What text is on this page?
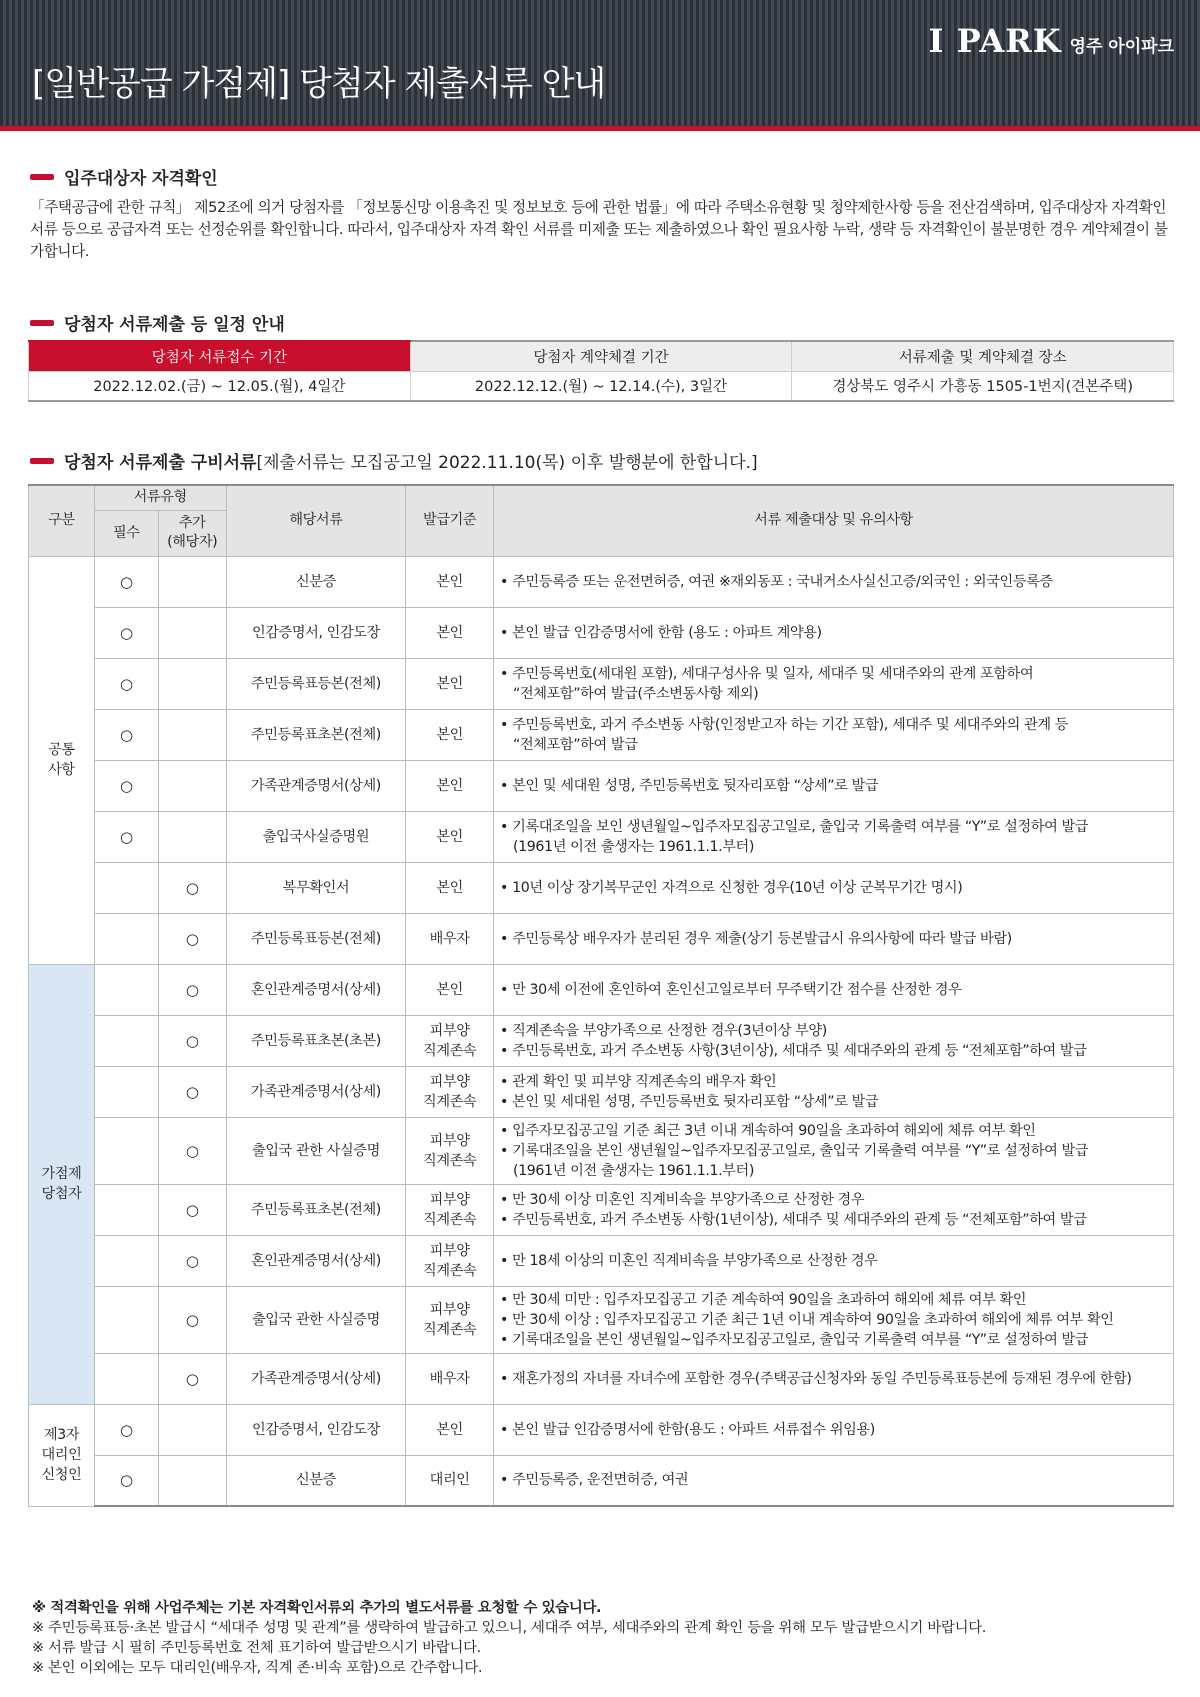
[일반공급 가점제] 당첨자 제출서류 안내
I PARK 영주 아이파크
입주대상자 자격확인
「주택공급에 관한 규칙」 제52조에 의거 당첨자를 「정보통신망 이용촉진 및 정보보호 등에 관한 법률」에 따라 주택소유현황 및 청약제한사항 등을 전산검색하며, 입주대상자 자격확인서류 등으로 공급자격 또는 선정순위를 확인합니다. 따라서, 입주대상자 자격 확인 서류를 미제출 또는 제출하였으나 확인 필요사항 누락, 생략 등 자격확인이 불분명한 경우 계약체결이 불가합니다.
당첨자 서류제출 등 일정 안내
당첨자 서류접수 기간	당첨자 계약체결 기간	서류제출 및 계약체결 장소
2022.12.02.(금) ~ 12.05.(월), 4일간	2022.12.12.(월) ~ 12.14.(수), 3일간	경상북도 영주시 가흥동 1505-1번지(견본주택)
당첨자 서류제출 구비서류 [제출서류는 모집공고일 2022.11.10(목) 이후 발행분에 한합니다.]
구분	서류유형		해당서류	발급기준	서류 제출대상 및 유의사항
	필수	추가
(해당자)			
공통
사항	○		신분증	본인	• 주민등록증 또는 운전면허증, 여권 ※재외동포 : 국내거소사실신고증/외국인 : 외국인등록증

	○		인감증명서, 인감도장	본인	• 본인 발급 인감증명서에 한함 (용도 : 아파트 계약용)

	○		주민등록표등본(전체)	본인	• 주민등록번호(세대원 포함), 세대구성사유 및 일자, 세대주 및 세대주와의 관계 포함하여
“전체포함”하여 발급(주소변동사항 제외)

	○		주민등록표초본(전체)	본인	• 주민등록번호, 과거 주소변동 사항(인정받고자 하는 기간 포함), 세대주 및 세대주와의 관계 등
“전체포함”하여 발급

	○		가족관계증명서(상세)	본인	• 본인 및 세대원 성명, 주민등록번호 뒷자리포함 “상세”로 발급

	○		출입국사실증명원	본인	• 기록대조일을 보인 생년월일~입주자모집공고일로, 출입국 기록출력 여부를 “Y”로 설정하여 발급
(1961년 이전 출생자는 1961.1.1.부터)

		○	복무확인서	본인	• 10년 이상 장기복무군인 자격으로 신청한 경우(10년 이상 군복무기간 명시)

		○	주민등록표등본(전체)	배우자	• 주민등록상 배우자가 분리된 경우 제출(상기 등본발급시 유의사항에 따라 발급 바람)

가점제
당첨자		○	혼인관계증명서(상세)	본인	• 만 30세 이전에 혼인하여 혼인신고일로부터 무주택기간 점수를 산정한 경우

		○	주민등록표초본(초본)	피부양
직계존속	• 직계존속을 부양가족으로 산정한 경우(3년이상 부양)
• 주민등록번호, 과거 주소변동 사항(3년이상), 세대주 및 세대주와의 관계 등 “전체포함”하여 발급

		○	가족관계증명서(상세)	피부양
직계존속	• 관계 확인 및 피부양 직계존속의 배우자 확인
• 본인 및 세대원 성명, 주민등록번호 뒷자리포함 “상세”로 발급

		○	출입국 관한 사실증명	피부양
직계존속	• 입주자모집공고일 기준 최근 3년 이내 계속하여 90일을 초과하여 해외에 체류 여부 확인
• 기록대조일을 본인 생년월일~입주자모집공고일로, 출입국 기록출력 여부를 “Y”로 설정하여 발급
(1961년 이전 출생자는 1961.1.1.부터)

		○	주민등록표초본(전체)	피부양
직계존속	• 만 30세 이상 미혼인 직계비속을 부양가족으로 산정한 경우
• 주민등록번호, 과거 주소변동 사항(1년이상), 세대주 및 세대주와의 관계 등 “전체포함”하여 발급

		○	혼인관계증명서(상세)	피부양
직계존속	• 만 18세 이상의 미혼인 직계비속을 부양가족으로 산정한 경우

		○	출입국 관한 사실증명	피부양
직계존속	• 만 30세 미만 : 입주자모집공고 기준 계속하여 90일을 초과하여 해외에 체류 여부 확인
• 만 30세 이상 : 입주자모집공고 기준 최근 1년 이내 계속하여 90일을 초과하여 해외에 체류 여부 확인
• 기록대조일을 본인 생년월일~입주자모집공고일로, 출입국 기록출력 여부를 “Y”로 설정하여 발급

		○	가족관계증명서(상세)	배우자	• 재혼가정의 자녀를 자녀수에 포함한 경우(주택공급신청자와 동일 주민등록표등본에 등재된 경우에 한함)

제3자
대리인
신청인	○		인감증명서, 인감도장	본인	• 본인 발급 인감증명서에 한함(용도 : 아파트 서류접수 위임용)

	○		신분증	대리인	• 주민등록증, 운전면허증, 여권
※ 적격확인을 위해 사업주체는 기본 자격확인서류외 추가의 별도서류를 요청할 수 있습니다.
※ 주민등록표등·초본 발급시 “세대주 성명 및 관계”를 생략하여 발급하고 있으니, 세대주 여부, 세대주와의 관계 확인 등을 위해 모두 발급받으시기 바랍니다.
※ 서류 발급 시 필히 주민등록번호 전체 표기하여 발급받으시기 바랍니다.
※ 본인 이외에는 모두 대리인(배우자, 직계 존·비속 포함)으로 간주합니다.
